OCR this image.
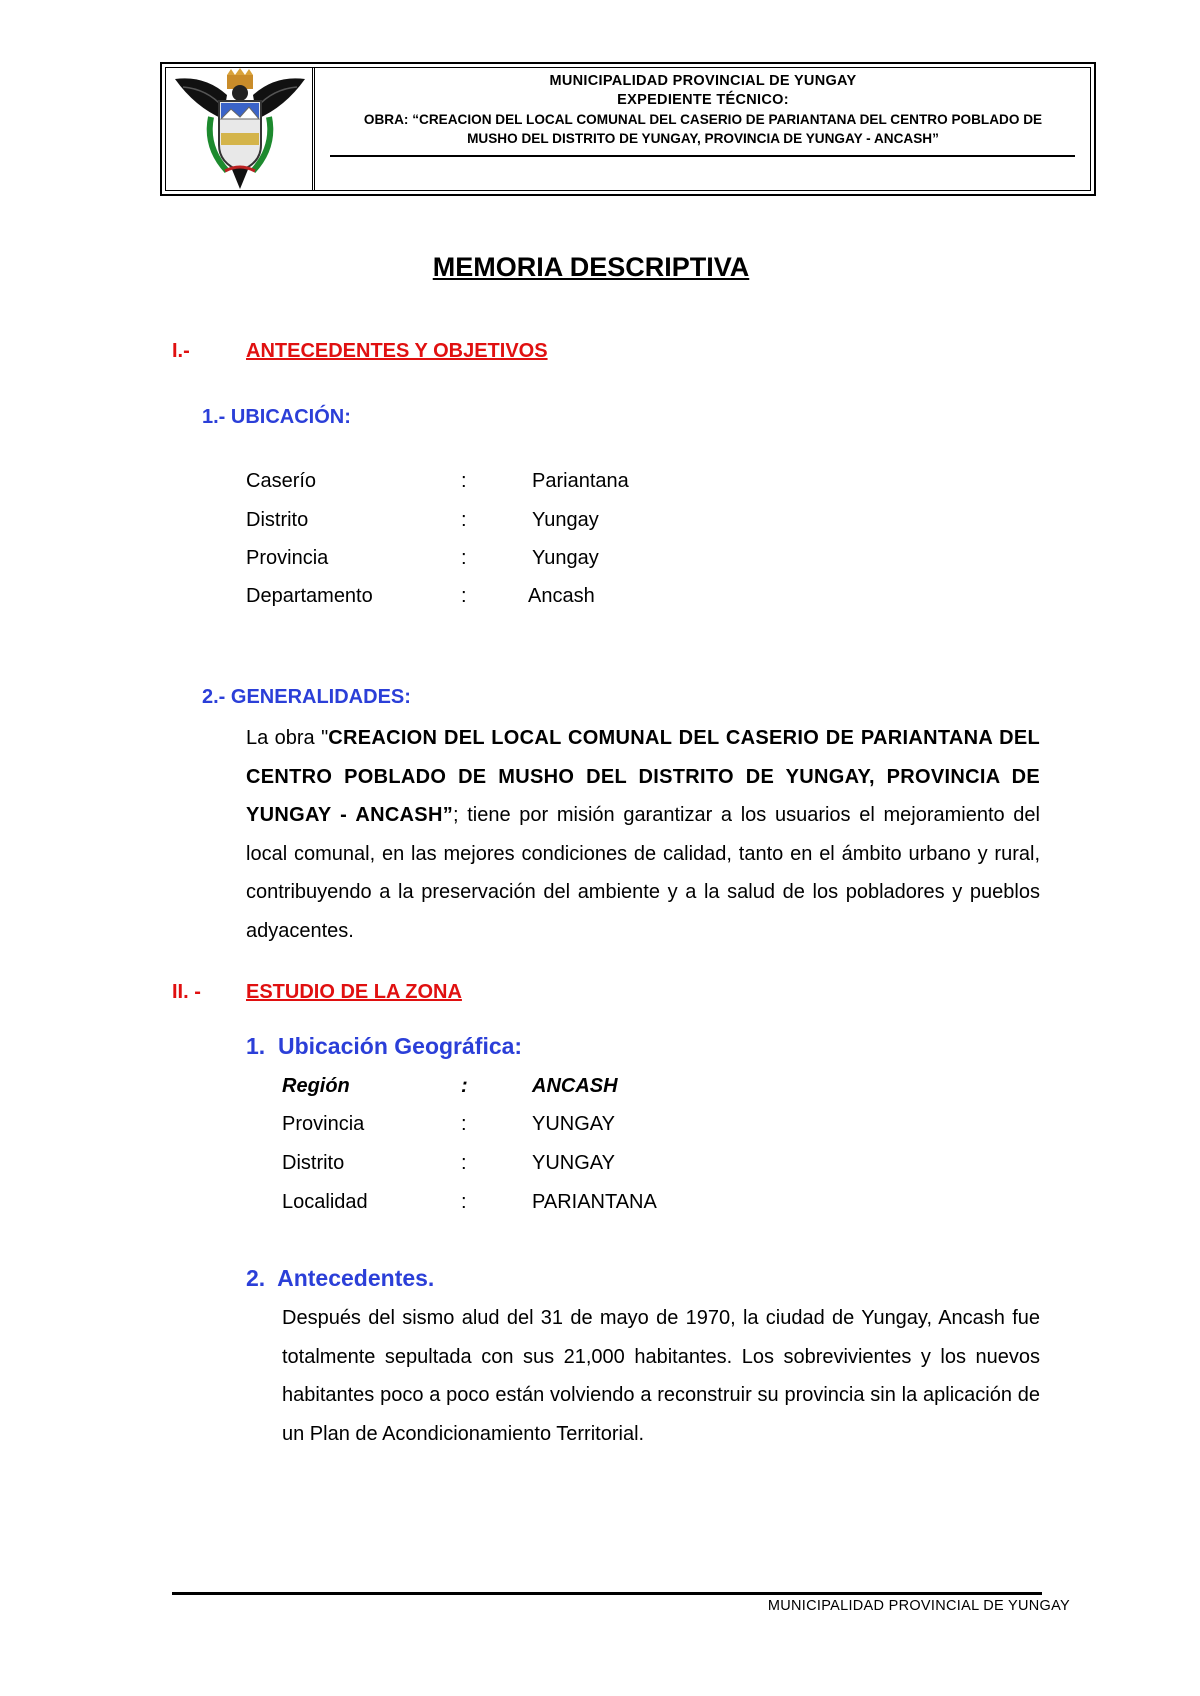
MUNICIPALIDAD PROVINCIAL DE YUNGAY
EXPEDIENTE TÉCNICO:
OBRA: “CREACION DEL LOCAL COMUNAL DEL CASERIO DE PARIANTANA DEL CENTRO POBLADO DE
MUSHO DEL DISTRITO DE YUNGAY, PROVINCIA DE YUNGAY - ANCASH”
MEMORIA DESCRIPTIVA
I.-	ANTECEDENTES Y OBJETIVOS
1.- UBICACIÓN:
Caserío	:	Pariantana
Distrito	:	Yungay
Provincia	:	Yungay
Departamento	:	Ancash
2.- GENERALIDADES:
La obra "CREACION DEL LOCAL COMUNAL DEL CASERIO DE PARIANTANA DEL CENTRO POBLADO DE MUSHO DEL DISTRITO DE YUNGAY, PROVINCIA DE YUNGAY - ANCASH”; tiene por misión garantizar a los usuarios el mejoramiento del local comunal, en las mejores condiciones de calidad, tanto en el ámbito urbano y rural, contribuyendo a la preservación del ambiente y a la salud de los pobladores y pueblos adyacentes.
II. - ESTUDIO DE LA ZONA
1.  Ubicación Geográfica:
Región	:	ANCASH
Provincia	:	YUNGAY
Distrito	:	YUNGAY
Localidad	:	PARIANTANA
2.  Antecedentes.
Después del sismo alud del 31 de mayo de 1970, la ciudad de Yungay, Ancash fue totalmente sepultada con sus 21,000 habitantes. Los sobrevivientes y los nuevos habitantes poco a poco están volviendo a reconstruir su provincia sin la aplicación de un Plan de Acondicionamiento Territorial.
MUNICIPALIDAD PROVINCIAL DE YUNGAY
